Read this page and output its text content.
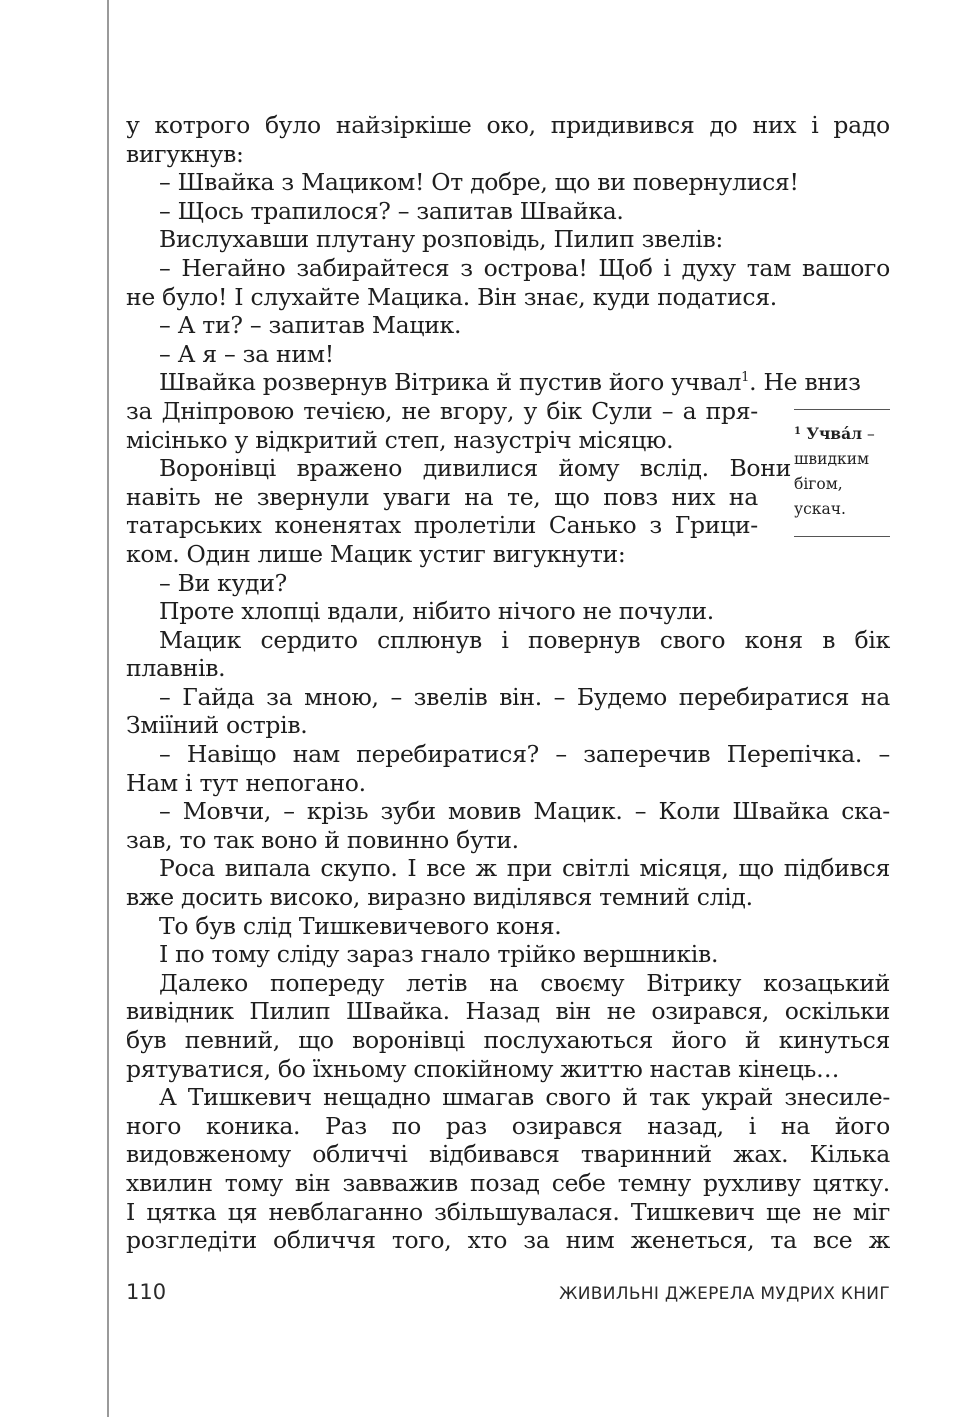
у котрого було найзіркіше око, придивився до них і радо
вигукнув:
– Швайка з Мациком! От добре, що ви повернулися!
– Щось трапилося? – запитав Швайка.
Вислухавши плутану розповідь, Пилип звелів:
– Негайно забирайтеся з острова! Щоб і духу там вашого
не було! І слухайте Мацика. Він знає, куди податися.
– А ти? – запитав Мацик.
– А я – за ним!
Швайка розвернув Вітрика й пустив його учвал$^1$. Не вниз
за Дніпровою течією, не вгору, у бік Сули – а пря-
місінько у відкритий степ, назустріч місяцю.
Воронівці вражено дивилися йому вслід. Вони
навіть не звернули уваги на те, що повз них на
татарських коненятах пролетіли Санько з Грици-
ком. Один лише Мацик устиг вигукнути:
– Ви куди?
Проте хлопці вдали, нібито нічого не почули.
Мацик сердито сплюнув і повернув свого коня в бік
плавнів.
– Гайда за мною, – звелів він. – Будемо перебиратися на
Зміїний острів.
– Навіщо нам перебиратися? – заперечив Перепічка. –
Нам і тут непогано.
– Мовчи, – крізь зуби мовив Мацик. – Коли Швайка ска-
зав, то так воно й повинно бути.
Роса випала скупо. І все ж при світлі місяця, що підбився
вже досить високо, виразно виділявся темний слід.
То був слід Тишкевичевого коня.
І по тому сліду зараз гнало трійко вершників.
Далеко попереду летів на своєму Вітрику козацький
вивідник Пилип Швайка. Назад він не озирався, оскільки
був певний, що воронівці послухаються його й кинуться
рятуватися, бо їхньому спокійному життю настав кінець…
А Тишкевич нещадно шмагав свого й так украй знесиле-
ного коника. Раз по раз озирався назад, і на його
видовженому обличчі відбивався тваринний жах. Кілька
хвилин тому він завважив позад себе темну рухливу цятку.
І цятка ця невблаганно збільшувалася. Тишкевич ще не міг
розгледіти обличчя того, хто за ним женеться, та все ж
$^1$ Учвáл –
швидким
бігом,
ускач.
110	ЖИВИЛЬНІ ДЖЕРЕЛА МУДРИХ КНИГ
